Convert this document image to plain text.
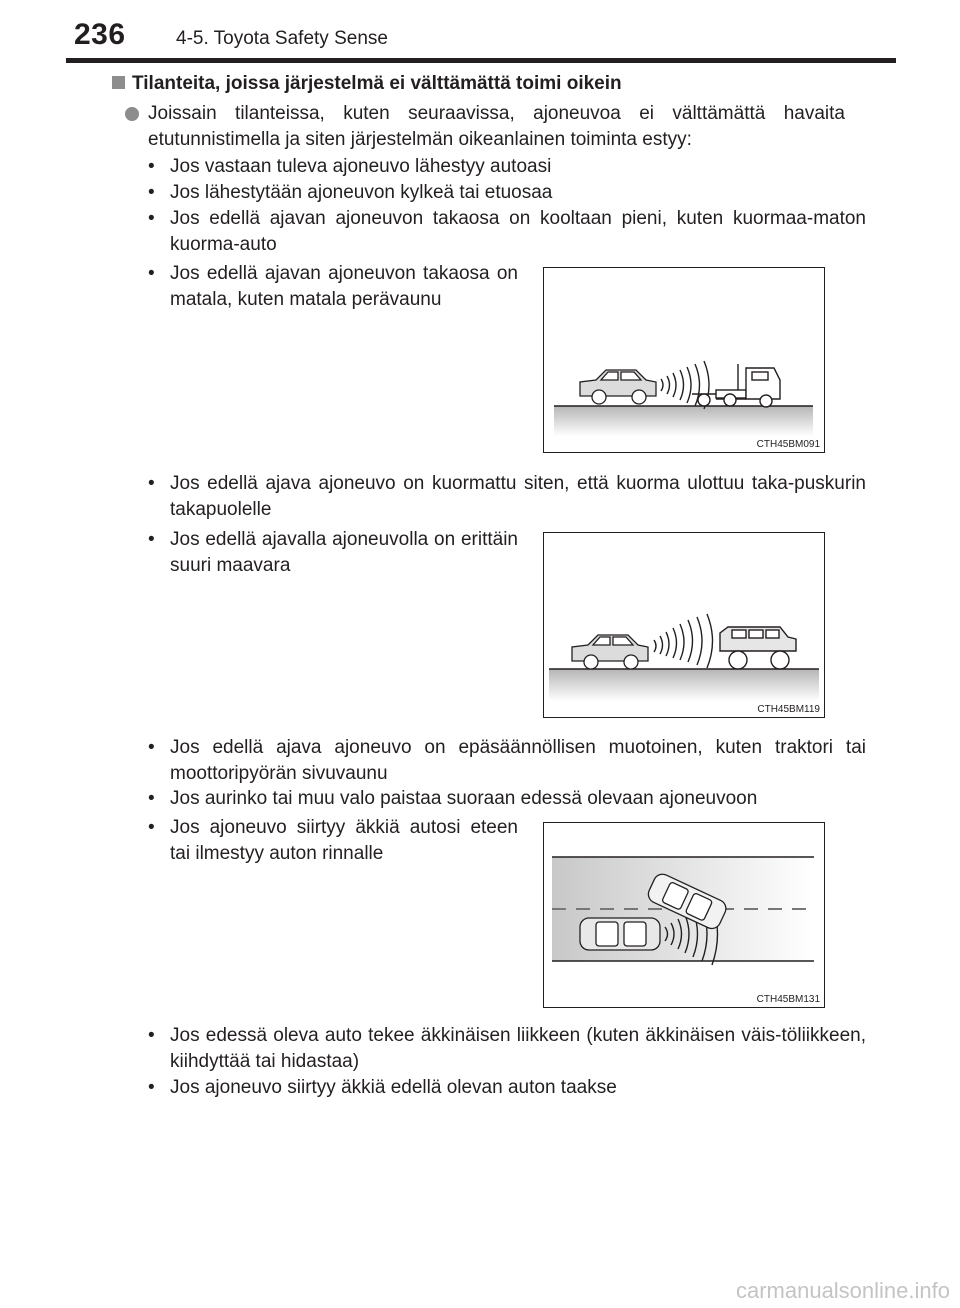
236	4-5. Toyota Safety Sense
Tilanteita, joissa järjestelmä ei välttämättä toimi oikein
Joissain tilanteissa, kuten seuraavissa, ajoneuvoa ei välttämättä havaita etutunnistimella ja siten järjestelmän oikeanlainen toiminta estyy:
• Jos vastaan tuleva ajoneuvo lähestyy autoasi
• Jos lähestytään ajoneuvon kylkeä tai etuosaa
• Jos edellä ajavan ajoneuvon takaosa on kooltaan pieni, kuten kuormaa-maton kuorma-auto
• Jos edellä ajavan ajoneuvon takaosa on matala, kuten matala perävaunu
• Jos edellä ajava ajoneuvo on kuormattu siten, että kuorma ulottuu taka-puskurin takapuolelle
• Jos edellä ajavalla ajoneuvolla on erittäin suuri maavara
• Jos edellä ajava ajoneuvo on epäsäännöllisen muotoinen, kuten traktori tai moottoripyörän sivuvaunu
• Jos aurinko tai muu valo paistaa suoraan edessä olevaan ajoneuvoon
• Jos ajoneuvo siirtyy äkkiä autosi eteen tai ilmestyy auton rinnalle
• Jos edessä oleva auto tekee äkkinäisen liikkeen (kuten äkkinäisen väis-töliikkeen, kiihdyttää tai hidastaa)
• Jos ajoneuvo siirtyy äkkiä edellä olevan auton taakse
CTH45BM091
CTH45BM119
CTH45BM131
carmanualsonline.info
